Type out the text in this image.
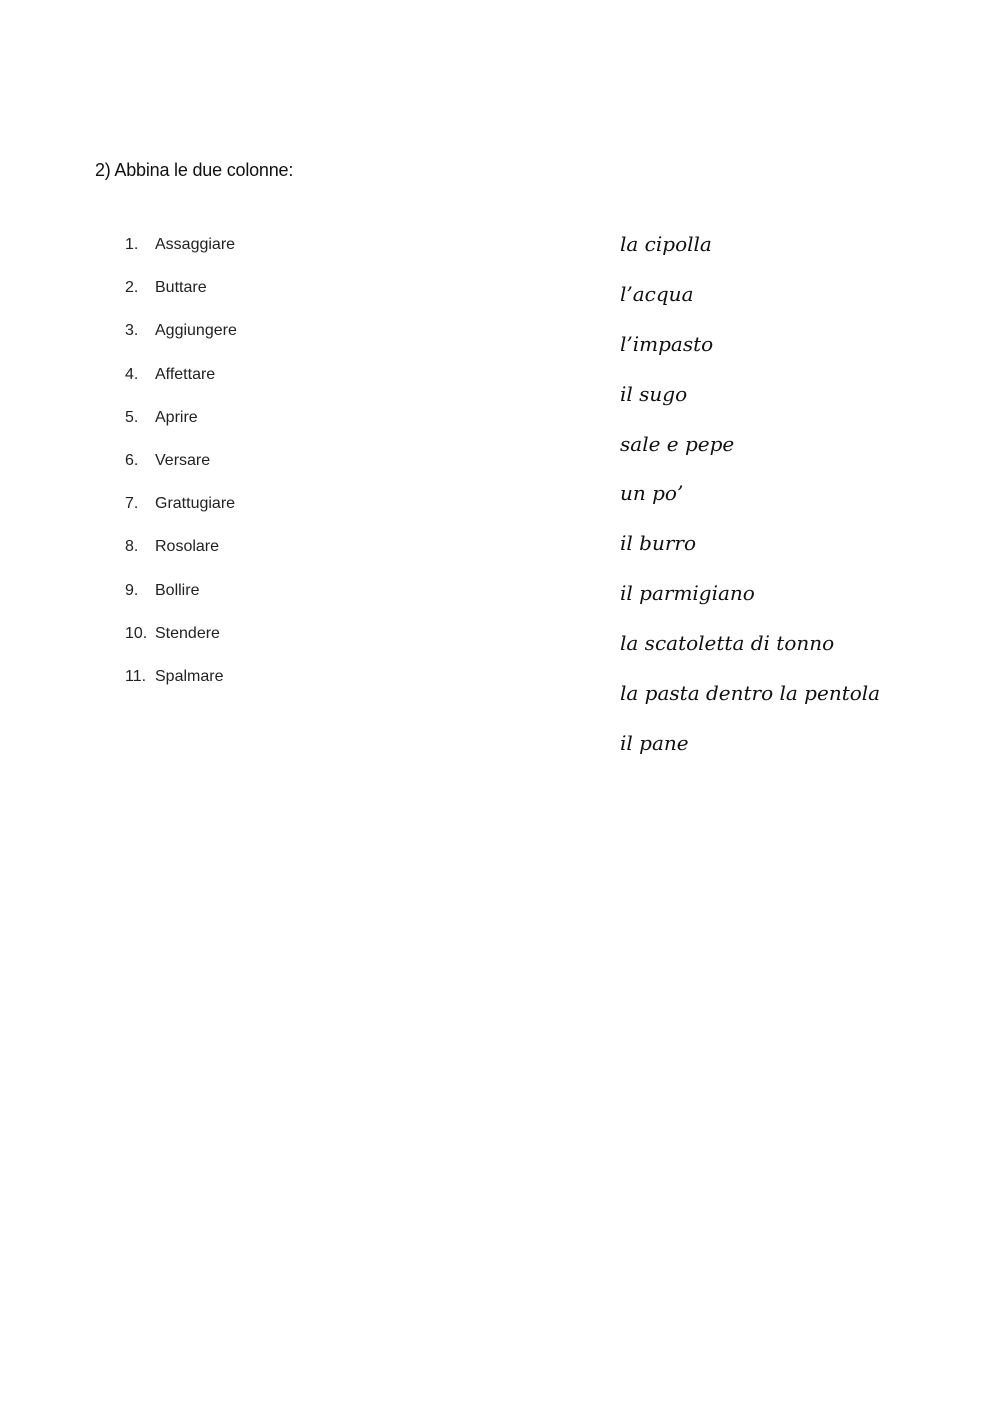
2) Abbina le due colonne:
1.	Assaggiare
2.	Buttare
3.	Aggiungere
4.	Affettare
5.	Aprire
6.	Versare
7.	Grattugiare
8.	Rosolare
9.	Bollire
10. Stendere
11. Spalmare
la cipolla
l’acqua
l’impasto
il sugo
sale e pepe
un po’
il burro
il parmigiano
la scatoletta di tonno
la pasta dentro la pentola
il pane
